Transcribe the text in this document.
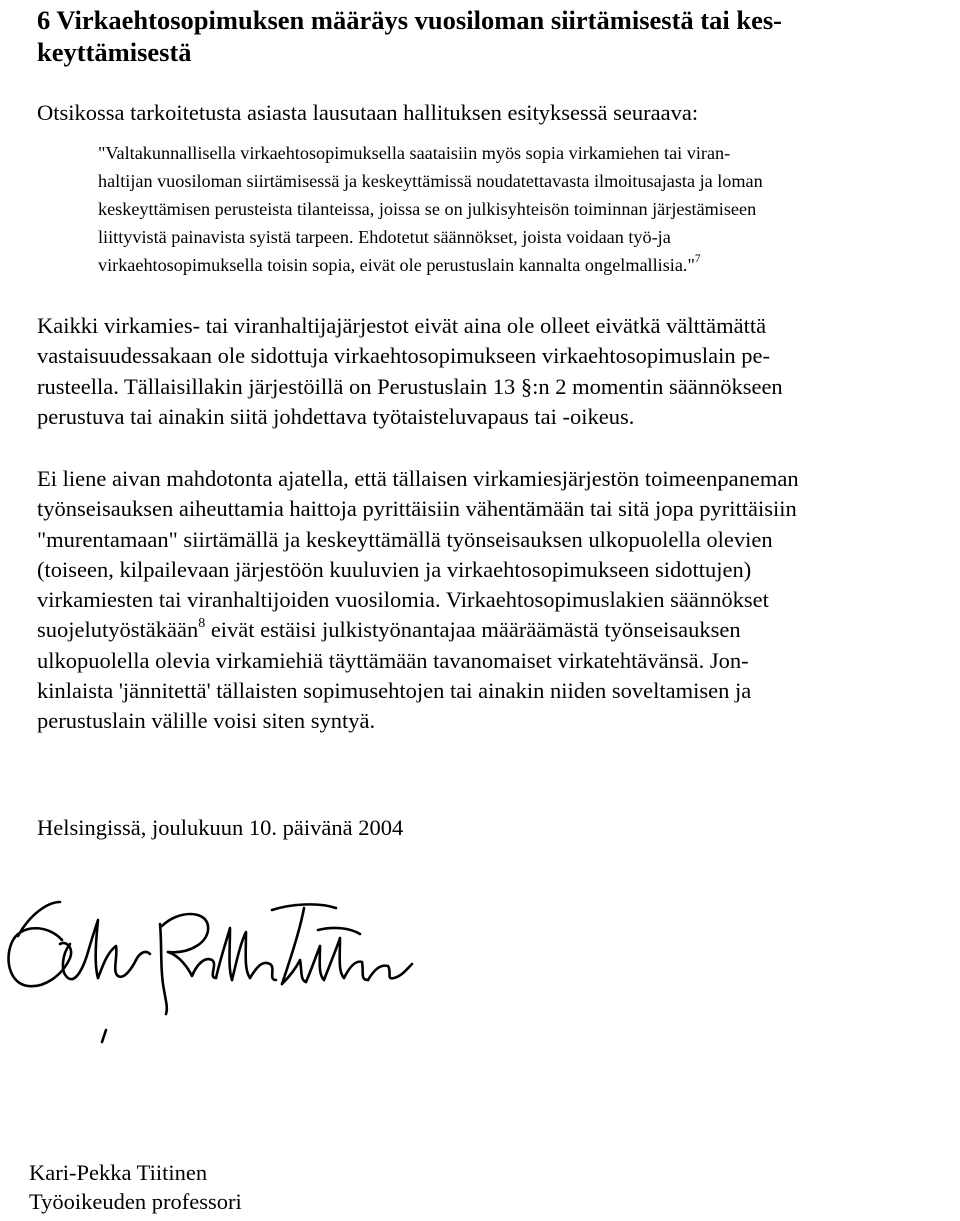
6 Virkaehtosopimuksen määräys vuosiloman siirtämisestä tai kes-
keyttämisestä

Otsikossa tarkoitetusta asiasta lausutaan hallituksen esityksessä seuraava:

"Valtakunnallisella virkaehtosopimuksella saataisiin myös sopia virkamiehen tai viran-
haltijan vuosiloman siirtämisessä ja keskeyttämissä noudatettavasta ilmoitusajasta ja loman
keskeyttämisen perusteista tilanteissa, joissa se on julkisyhteisön toiminnan järjestämiseen
liittyvistä painavista syistä tarpeen. Ehdotetut säännökset, joista voidaan työ-ja
virkaehtosopimuksella toisin sopia, eivät ole perustuslain kannalta ongelmallisia."$^7$

Kaikki virkamies- tai viranhaltijajärjestot eivät aina ole olleet eivätkä välttämättä
vastaisuudessakaan ole sidottuja virkaehtosopimukseen virkaehtosopimuslain pe-
rusteella. Tällaisillakin järjestöillä on Perustuslain 13 §:n 2 momentin säännökseen
perustuva tai ainakin siitä johdettava työtaisteluvapaus tai -oikeus.

Ei liene aivan mahdotonta ajatella, että tällaisen virkamiesjärjestön toimeenpaneman
työnseisauksen aiheuttamia haittoja pyrittäisiin vähentämään tai sitä jopa pyrittäisiin
"murentamaan" siirtämällä ja keskeyttämällä työnseisauksen ulkopuolella olevien
(toiseen, kilpailevaan järjestöön kuuluvien ja virkaehtosopimukseen sidottujen)
virkamiesten tai viranhaltijoiden vuosilomia. Virkaehtosopimuslakien säännökset
suojelutyöstäkään$^8$ eivät estäisi julkistyönantajaa määräämästä työnseisauksen
ulkopuolella olevia virkamiehiä täyttämään tavanomaiset virkatehtävänsä. Jon-
kinlaista 'jännitettä' tällaisten sopimusehtojen tai ainakin niiden soveltamisen ja
perustuslain välille voisi siten syntyä.

Helsingissä, joulukuun 10. päivänä 2004

Kari-Pekka Tiitinen

Työoikeuden professori
